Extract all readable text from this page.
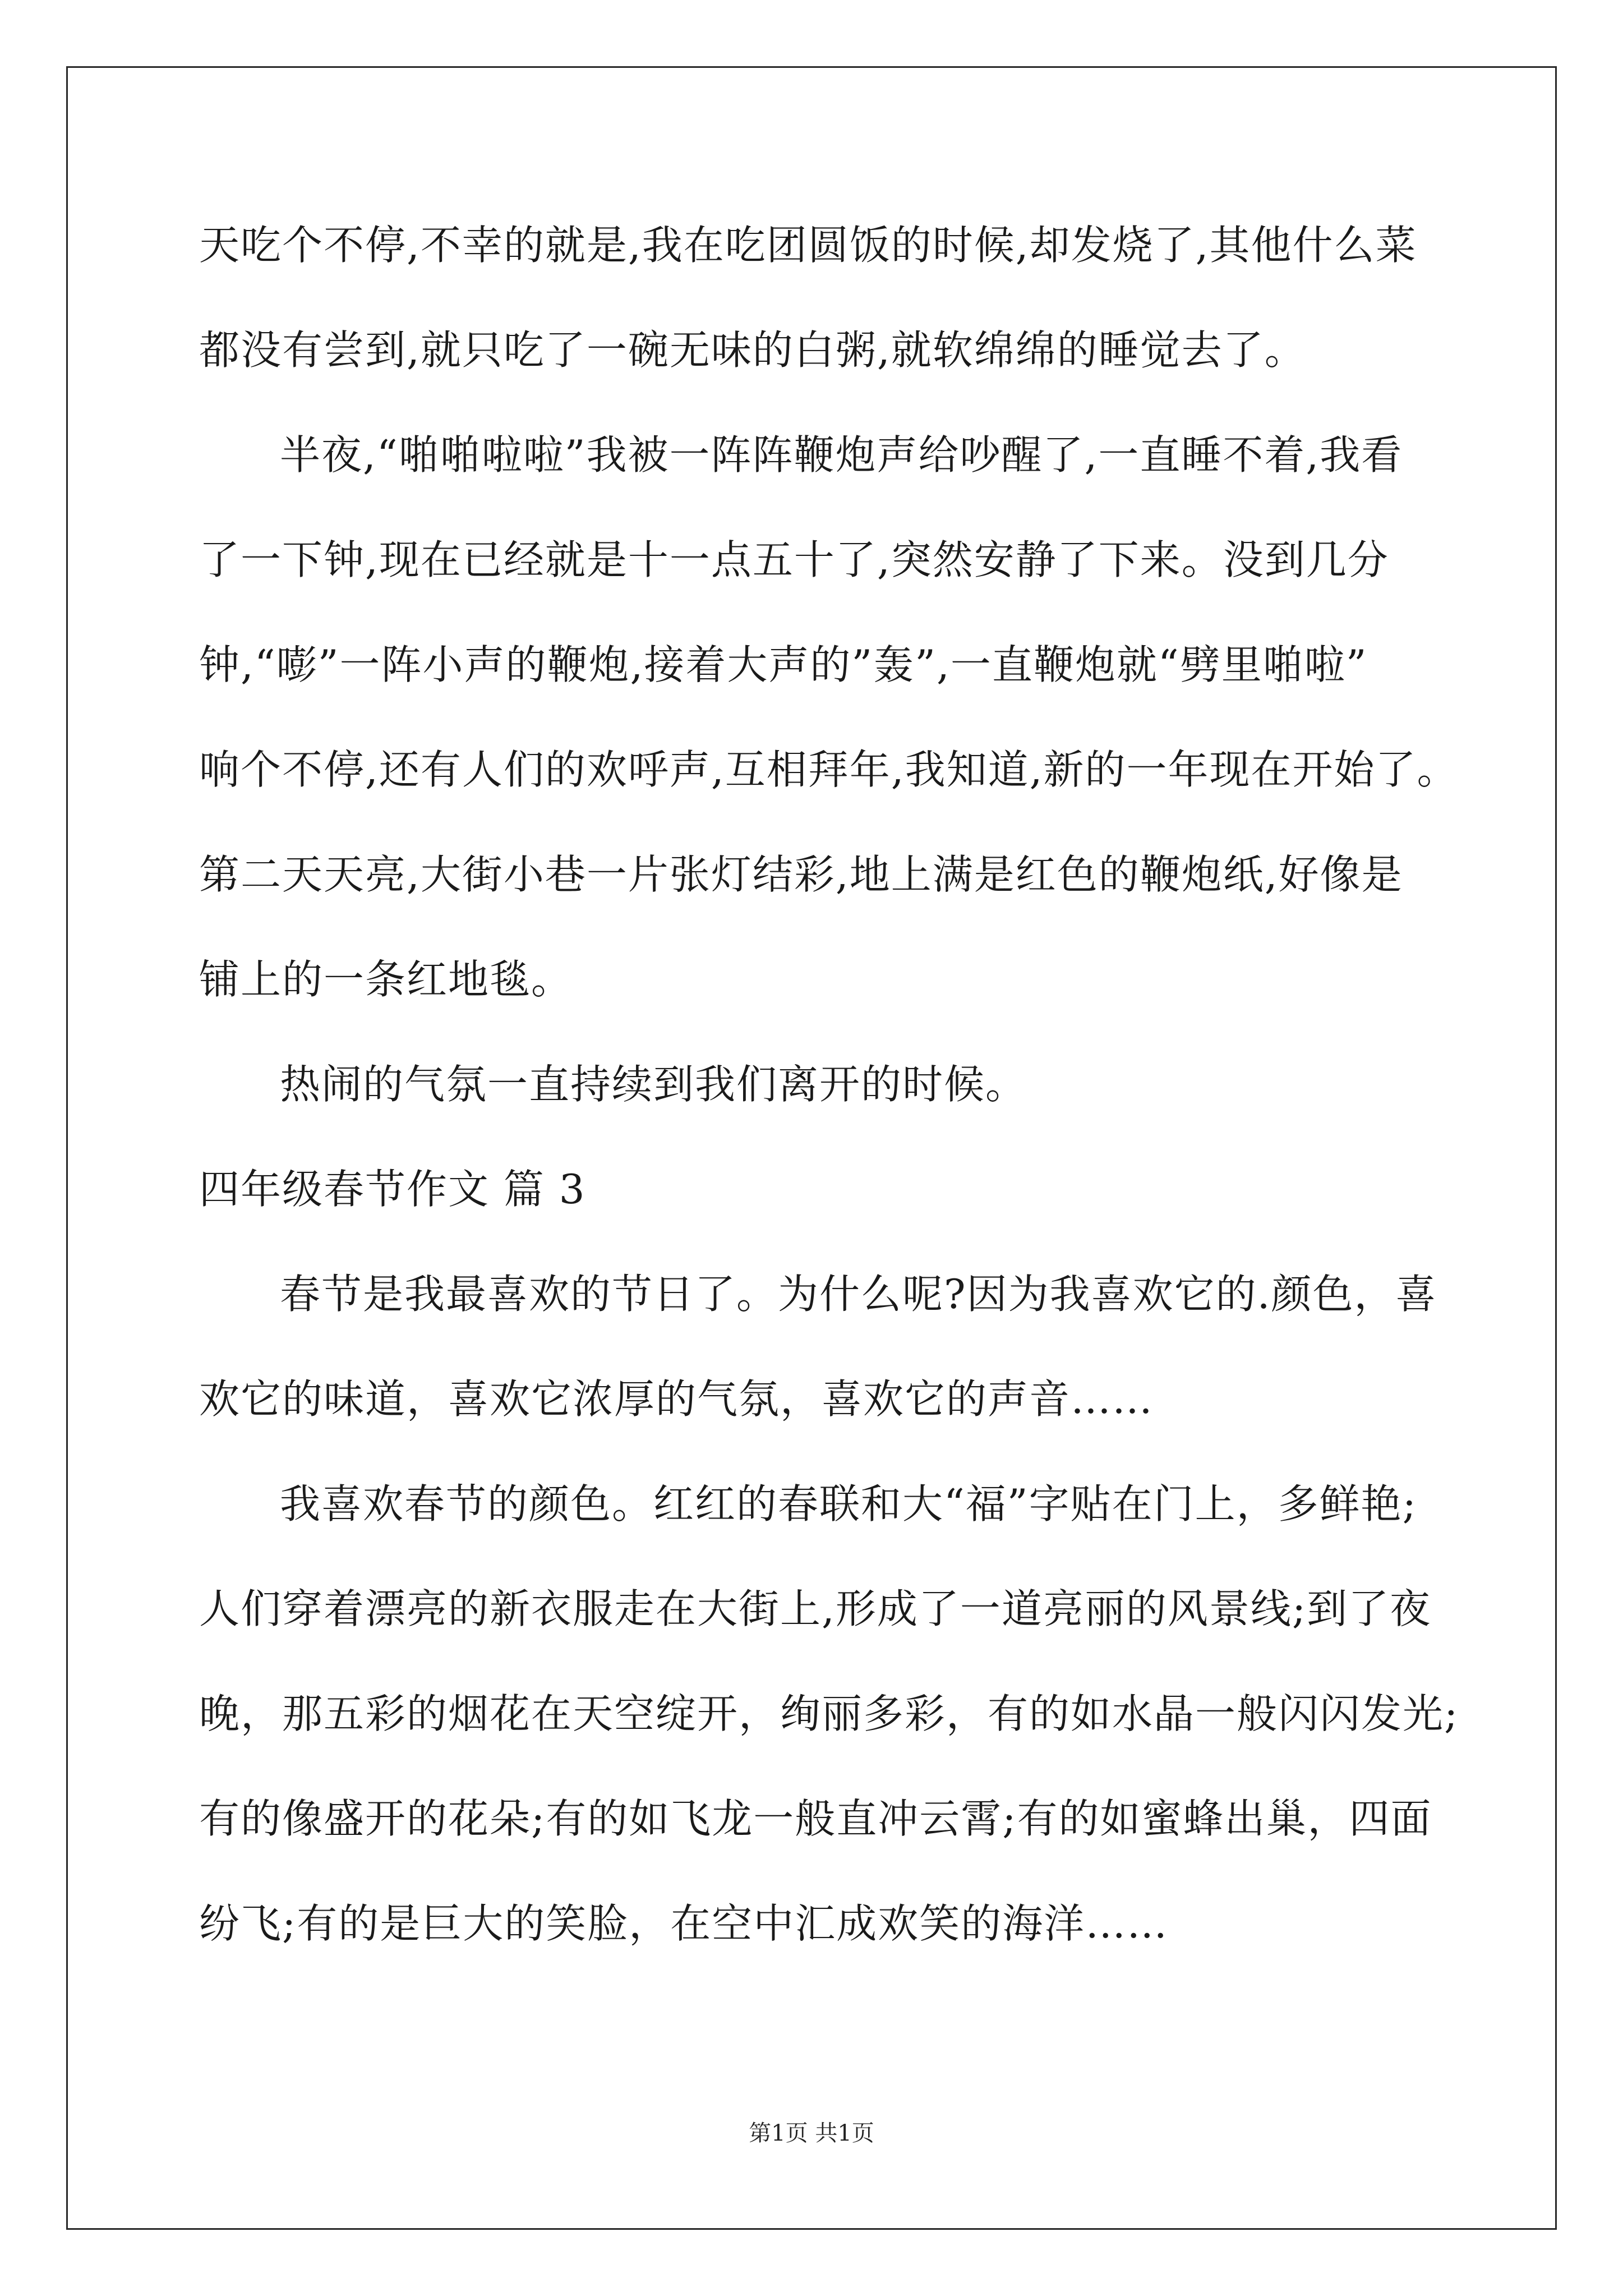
天吃个不停,不幸的就是,我在吃团圆饭的时候,却发烧了,其他什么菜
都没有尝到,就只吃了一碗无味的白粥,就软绵绵的睡觉去了。
半夜,“啪啪啦啦”我被一阵阵鞭炮声给吵醒了,一直睡不着,我看
了一下钟,现在已经就是十一点五十了,突然安静了下来。没到几分
钟,“嘭”一阵小声的鞭炮,接着大声的”轰”,一直鞭炮就“劈里啪啦”
响个不停,还有人们的欢呼声,互相拜年,我知道,新的一年现在开始了。
第二天天亮,大街小巷一片张灯结彩,地上满是红色的鞭炮纸,好像是
铺上的一条红地毯。
热闹的气氛一直持续到我们离开的时候。
四年级春节作文 篇 3
春节是我最喜欢的节日了。为什么呢?因为我喜欢它的.颜色，喜
欢它的味道，喜欢它浓厚的气氛，喜欢它的声音……
我喜欢春节的颜色。红红的春联和大“福”字贴在门上，多鲜艳;
人们穿着漂亮的新衣服走在大街上,形成了一道亮丽的风景线;到了夜
晚，那五彩的烟花在天空绽开，绚丽多彩，有的如水晶一般闪闪发光;
有的像盛开的花朵;有的如飞龙一般直冲云霄;有的如蜜蜂出巢，四面
纷飞;有的是巨大的笑脸，在空中汇成欢笑的海洋……
第1页 共1页
